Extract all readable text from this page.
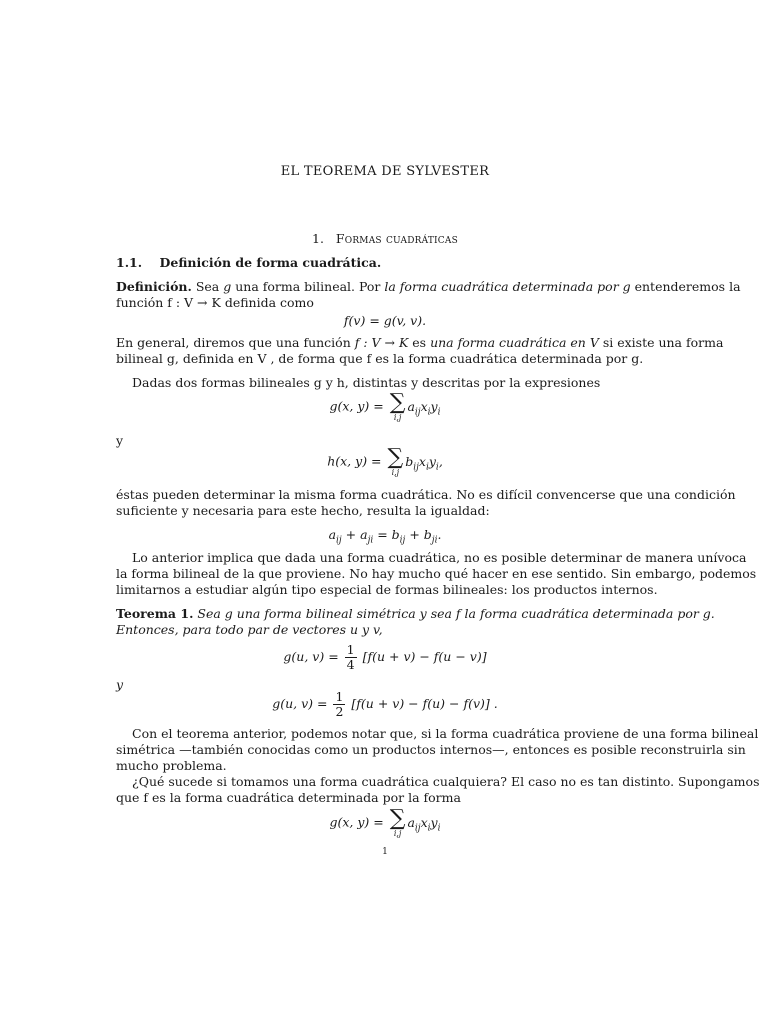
EL TEOREMA DE SYLVESTER
1. Formas cuadráticas
1.1. Definición de forma cuadrática.
Definición. Sea g una forma bilineal. Por la forma cuadrática determinada por g entenderemos la
función f : V → K definida como
f(v) = g(v, v).
En general, diremos que una función f : V → K es una forma cuadrática en V si existe una forma
bilineal g, definida en V , de forma que f es la forma cuadrática determinada por g.
Dadas dos formas bilineales g y h, distintas y descritas por la expresiones
g(x, y) = ∑
i,j
$a_{ij}x_iy_i$
y
h(x, y) = ∑
i,j
$b_{ij}x_iy_i$,
éstas pueden determinar la misma forma cuadrática. No es difícil convencerse que una condición
suficiente y necesaria para este hecho, resulta la igualdad:
$a_{ij} + a_{ji} = b_{ij} + b_{ji}$.
Lo anterior implica que dada una forma cuadrática, no es posible determinar de manera unívoca
la forma bilineal de la que proviene. No hay mucho qué hacer en ese sentido. Sin embargo, podemos
limitarnos a estudiar algún tipo especial de formas bilineales: los productos internos.
Teorema 1. Sea g una forma bilineal simétrica y sea f la forma cuadrática determinada por g.
Entonces, para todo par de vectores u y v,
g(u, $v) = \frac{1}{4} [f(u + v) - f(u - v)]$
y
g(u, $v) = \frac{1}{2} [f(u + v) - f(u) - f(v)]$ .
Con el teorema anterior, podemos notar que, si la forma cuadrática proviene de una forma bilineal
simétrica —también conocidas como un productos internos—, entonces es posible reconstruirla sin
mucho problema.
¿Qué sucede si tomamos una forma cuadrática cualquiera? El caso no es tan distinto. Supongamos
que f es la forma cuadrática determinada por la forma
g(x, y) = ∑
i,j
$a_{ij}x_iy_i$
1
